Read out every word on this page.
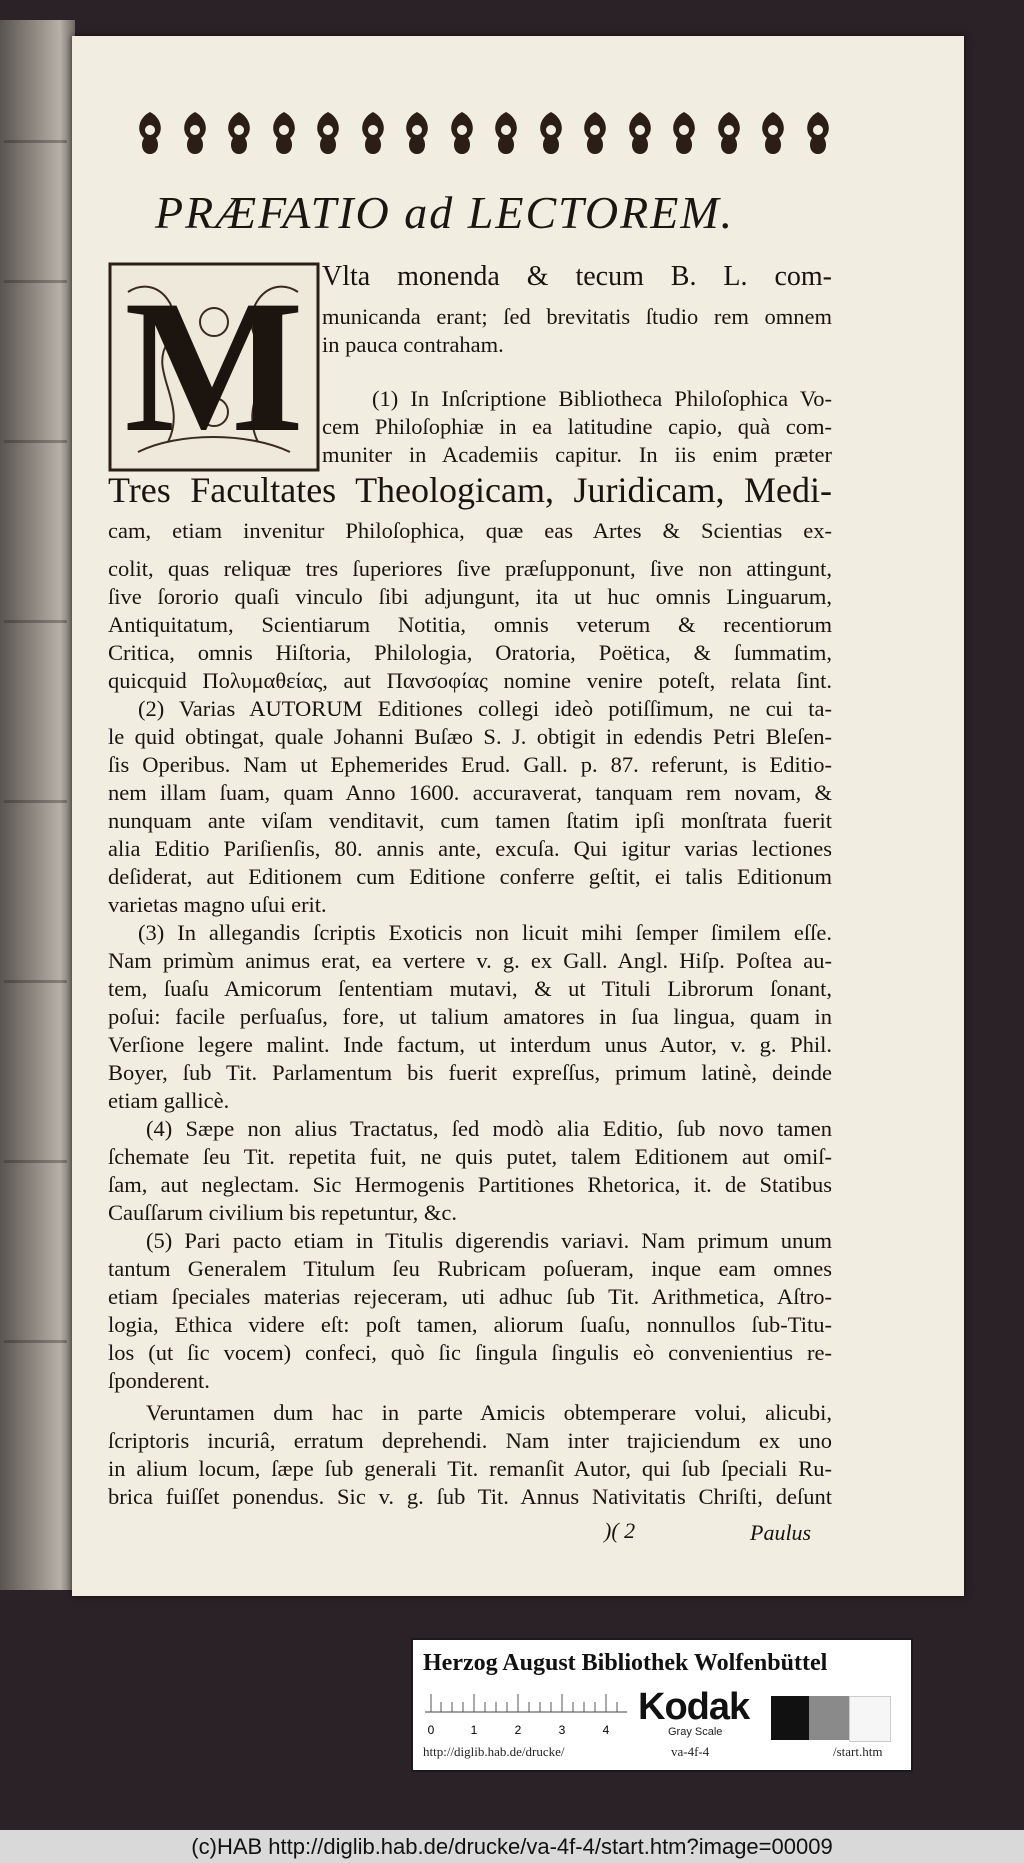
PRÆFATIO ad LECTOREM.
M Vlta monenda & tecum B. L. com-
municanda erant; ſed brevitatis ſtudio rem omnem
in pauca contraham.
(1) In Inſcriptione Bibliotheca Philoſophica Vo-
cem Philoſophiæ in ea latitudine capio, quà com-
muniter in Academiis capitur. In iis enim præter
Tres Facultates Theologicam, Juridicam, Medi-
cam, etiam invenitur Philoſophica, quæ eas Artes & Scientias ex-
colit, quas reliquæ tres ſuperiores ſive præſupponunt, ſive non attingunt,
ſive ſororio quaſi vinculo ſibi adjungunt, ita ut huc omnis Linguarum,
Antiquitatum, Scientiarum Notitia, omnis veterum & recentiorum
Critica, omnis Hiſtoria, Philologia, Oratoria, Poëtica, & ſummatim,
quicquid Πολυμαθείας, aut Πανσοφίας nomine venire poteſt, relata ſint.
(2) Varias AUTORUM Editiones collegi ideò potiſſimum, ne cui ta-
le quid obtingat, quale Johanni Buſæo S. J. obtigit in edendis Petri Bleſen-
ſis Operibus. Nam ut Ephemerides Erud. Gall. p. 87. referunt, is Editio-
nem illam ſuam, quam Anno 1600. accuraverat, tanquam rem novam, &
nunquam ante viſam venditavit, cum tamen ſtatim ipſi monſtrata fuerit
alia Editio Pariſienſis, 80. annis ante, excuſa. Qui igitur varias lectiones
deſiderat, aut Editionem cum Editione conferre geſtit, ei talis Editionum
varietas magno uſui erit.
(3) In allegandis ſcriptis Exoticis non licuit mihi ſemper ſimilem eſſe.
Nam primùm animus erat, ea vertere v. g. ex Gall. Angl. Hiſp. Poſtea au-
tem, ſuaſu Amicorum ſententiam mutavi, & ut Tituli Librorum ſonant,
poſui: facile perſuaſus, fore, ut talium amatores in ſua lingua, quam in
Verſione legere malint. Inde factum, ut interdum unus Autor, v. g. Phil.
Boyer, ſub Tit. Parlamentum bis fuerit expreſſus, primum latinè, deinde
etiam gallicè.
(4) Sæpe non alius Tractatus, ſed modò alia Editio, ſub novo tamen
ſchemate ſeu Tit. repetita fuit, ne quis putet, talem Editionem aut omiſ-
ſam, aut neglectam. Sic Hermogenis Partitiones Rhetorica, it. de Statibus
Cauſſarum civilium bis repetuntur, &c.
(5) Pari pacto etiam in Titulis digerendis variavi. Nam primum unum
tantum Generalem Titulum ſeu Rubricam poſueram, inque eam omnes
etiam ſpeciales materias rejeceram, uti adhuc ſub Tit. Arithmetica, Aſtro-
logia, Ethica videre eſt: poſt tamen, aliorum ſuaſu, nonnullos ſub-Titu-
los (ut ſic vocem) confeci, quò ſic ſingula ſingulis eò convenientius re-
ſponderent.
Veruntamen dum hac in parte Amicis obtemperare volui, alicubi,
ſcriptoris incuriâ, erratum deprehendi. Nam inter trajiciendum ex uno
in alium locum, ſæpe ſub generali Tit. remanſit Autor, qui ſub ſpeciali Ru-
brica fuiſſet ponendus. Sic v. g. ſub Tit. Annus Nativitatis Chriſti, deſunt
)( 2	Paulus
Herzog August Bibliothek Wolfenbüttel
0	1	2	3	4
Kodak
Gray Scale
http://diglib.hab.de/drucke/	va-4f-4	/start.htm
(c)HAB http://diglib.hab.de/drucke/va-4f-4/start.htm?image=00009
